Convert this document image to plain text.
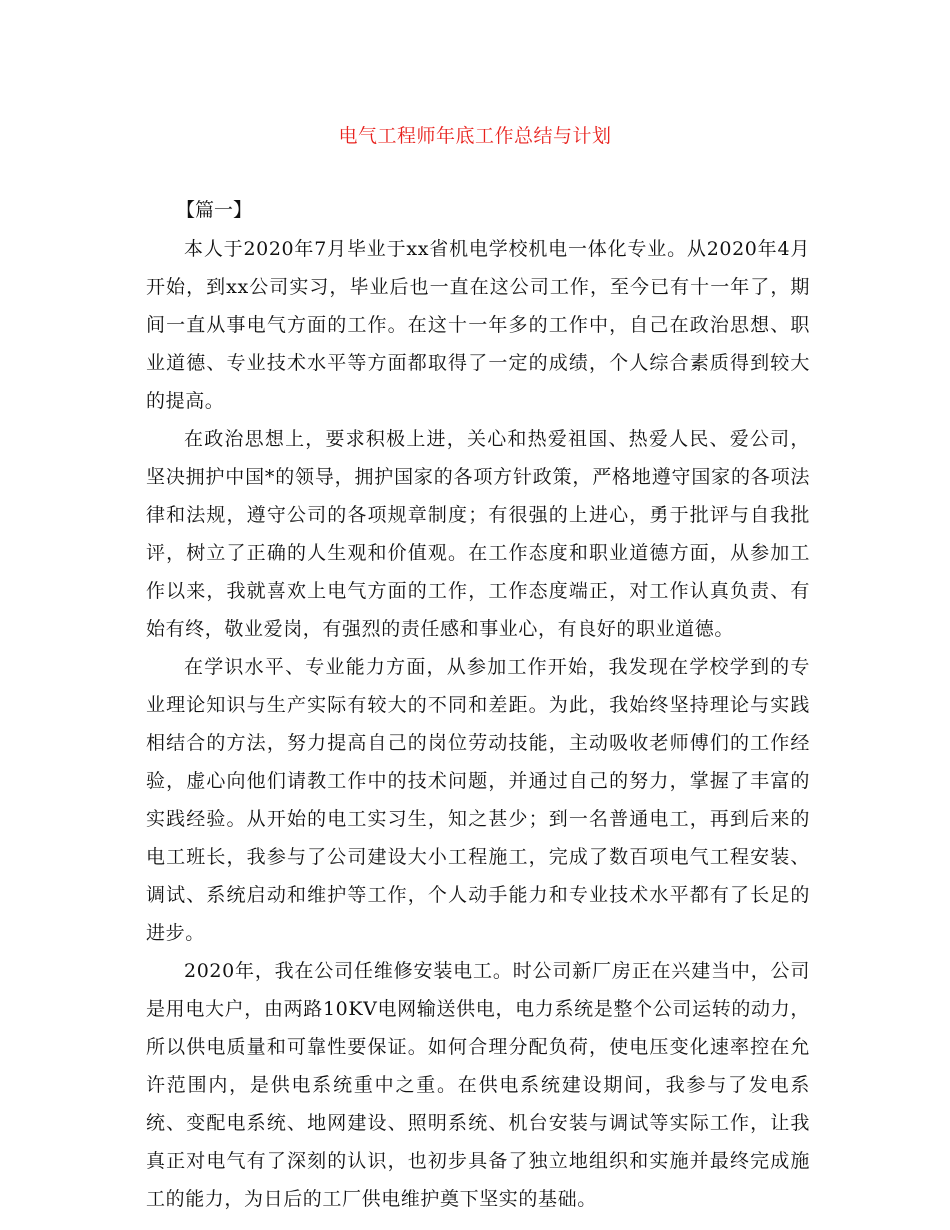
电气工程师年底工作总结与计划
【篇一】

本人于2020年7月毕业于xx省机电学校机电一体化专业。从2020年4月开始，到xx公司实习，毕业后也一直在这公司工作，至今已有十一年了，期间一直从事电气方面的工作。在这十一年多的工作中，自己在政治思想、职业道德、专业技术水平等方面都取得了一定的成绩，个人综合素质得到较大的提高。

在政治思想上，要求积极上进，关心和热爱祖国、热爱人民、爱公司，坚决拥护中国*的领导，拥护国家的各项方针政策，严格地遵守国家的各项法律和法规，遵守公司的各项规章制度；有很强的上进心，勇于批评与自我批评，树立了正确的人生观和价值观。在工作态度和职业道德方面，从参加工作以来，我就喜欢上电气方面的工作，工作态度端正，对工作认真负责、有始有终，敬业爱岗，有强烈的责任感和事业心，有良好的职业道德。

在学识水平、专业能力方面，从参加工作开始，我发现在学校学到的专业理论知识与生产实际有较大的不同和差距。为此，我始终坚持理论与实践相结合的方法，努力提高自己的岗位劳动技能，主动吸收老师傅们的工作经验，虚心向他们请教工作中的技术问题，并通过自己的努力，掌握了丰富的实践经验。从开始的电工实习生，知之甚少；到一名普通电工，再到后来的电工班长，我参与了公司建设大小工程施工，完成了数百项电气工程安装、调试、系统启动和维护等工作，个人动手能力和专业技术水平都有了长足的进步。

2020年，我在公司任维修安装电工。时公司新厂房正在兴建当中，公司是用电大户，由两路10KV电网输送供电，电力系统是整个公司运转的动力，所以供电质量和可靠性要保证。如何合理分配负荷，使电压变化速率控在允许范围内，是供电系统重中之重。在供电系统建设期间，我参与了发电系统、变配电系统、地网建设、照明系统、机台安装与调试等实际工作，让我真正对电气有了深刻的认识，也初步具备了独立地组织和实施并最终完成施工的能力，为日后的工厂供电维护奠下坚实的基础。
